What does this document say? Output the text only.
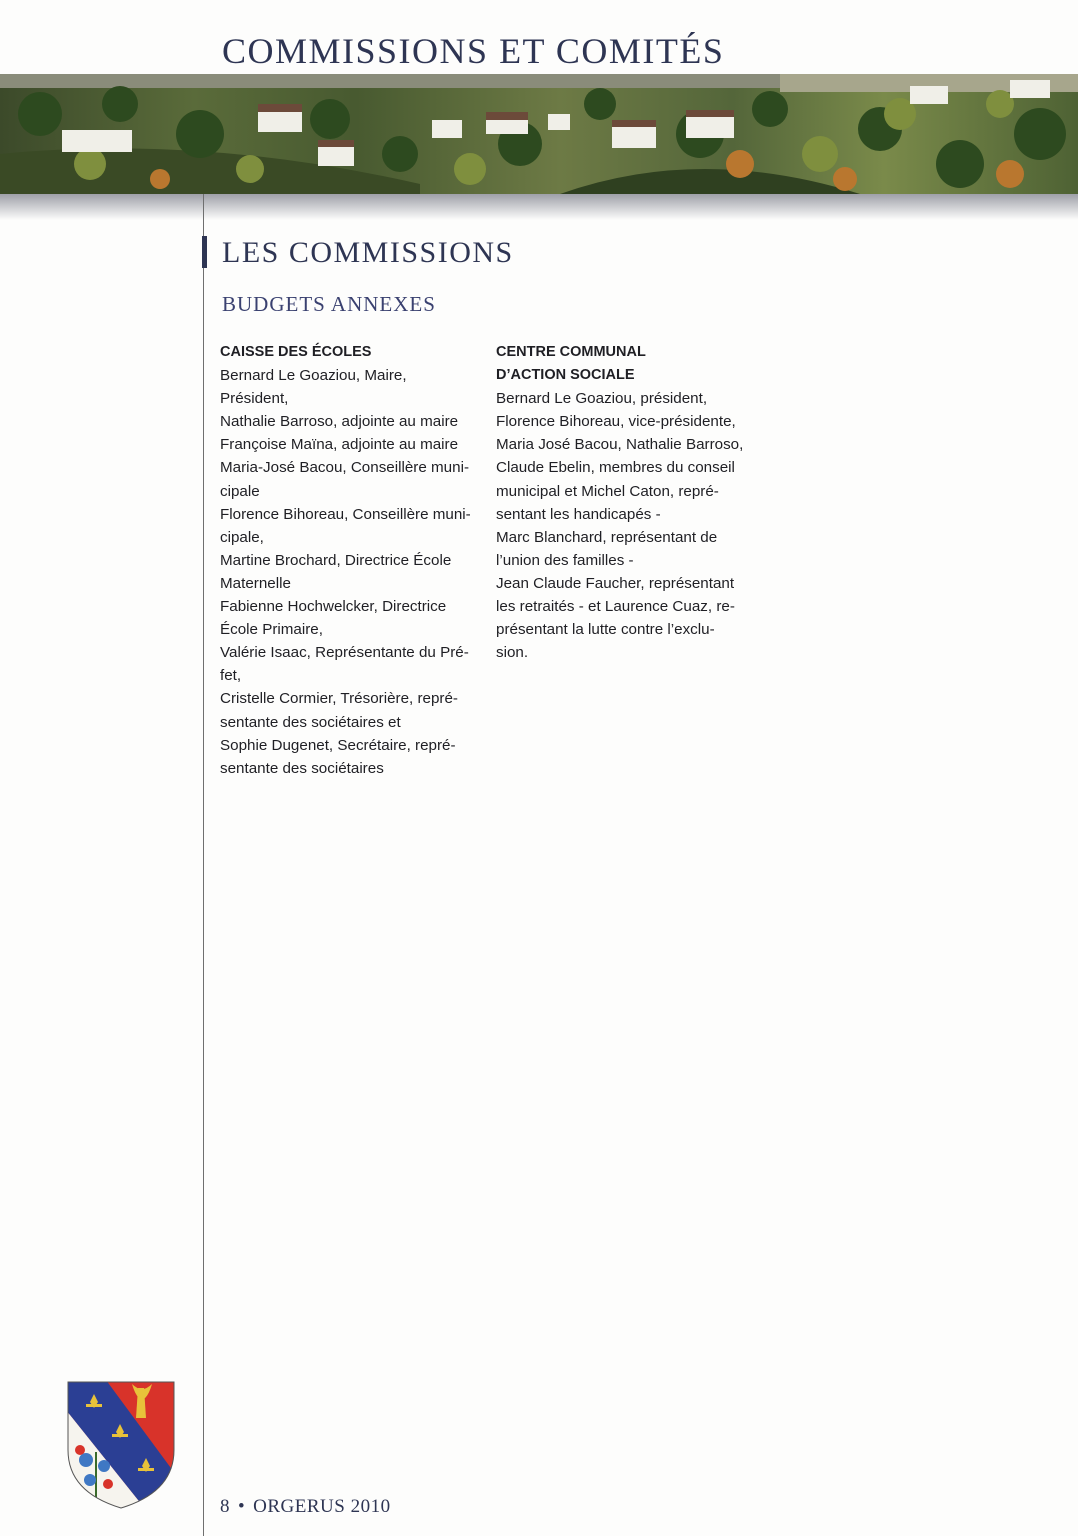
COMMISSIONS ET COMITÉS
LES COMMISSIONS
BUDGETS ANNEXES
CAISSE DES ÉCOLES
Bernard Le Goaziou, Maire,
Président,
Nathalie Barroso, adjointe au maire
Françoise Maïna, adjointe au maire
Maria-José Bacou, Conseillère muni-
cipale
Florence Bihoreau, Conseillère muni-
cipale,
Martine Brochard, Directrice École
Maternelle
Fabienne Hochwelcker, Directrice
École Primaire,
Valérie Isaac, Représentante du Pré-
fet,
Cristelle Cormier, Trésorière, repré-
sentante des sociétaires et
Sophie Dugenet, Secrétaire, repré-
sentante des sociétaires
CENTRE COMMUNAL
D’ACTION SOCIALE
Bernard Le Goaziou, président,
Florence Bihoreau, vice-présidente,
Maria José Bacou, Nathalie Barroso,
Claude Ebelin, membres du conseil
municipal et Michel Caton, repré-
sentant les handicapés -
Marc Blanchard, représentant de
l’union des familles -
Jean Claude Faucher, représentant
les retraités - et Laurence Cuaz, re-
présentant la lutte contre l’exclu-
sion.
8 • ORGERUS 2010
